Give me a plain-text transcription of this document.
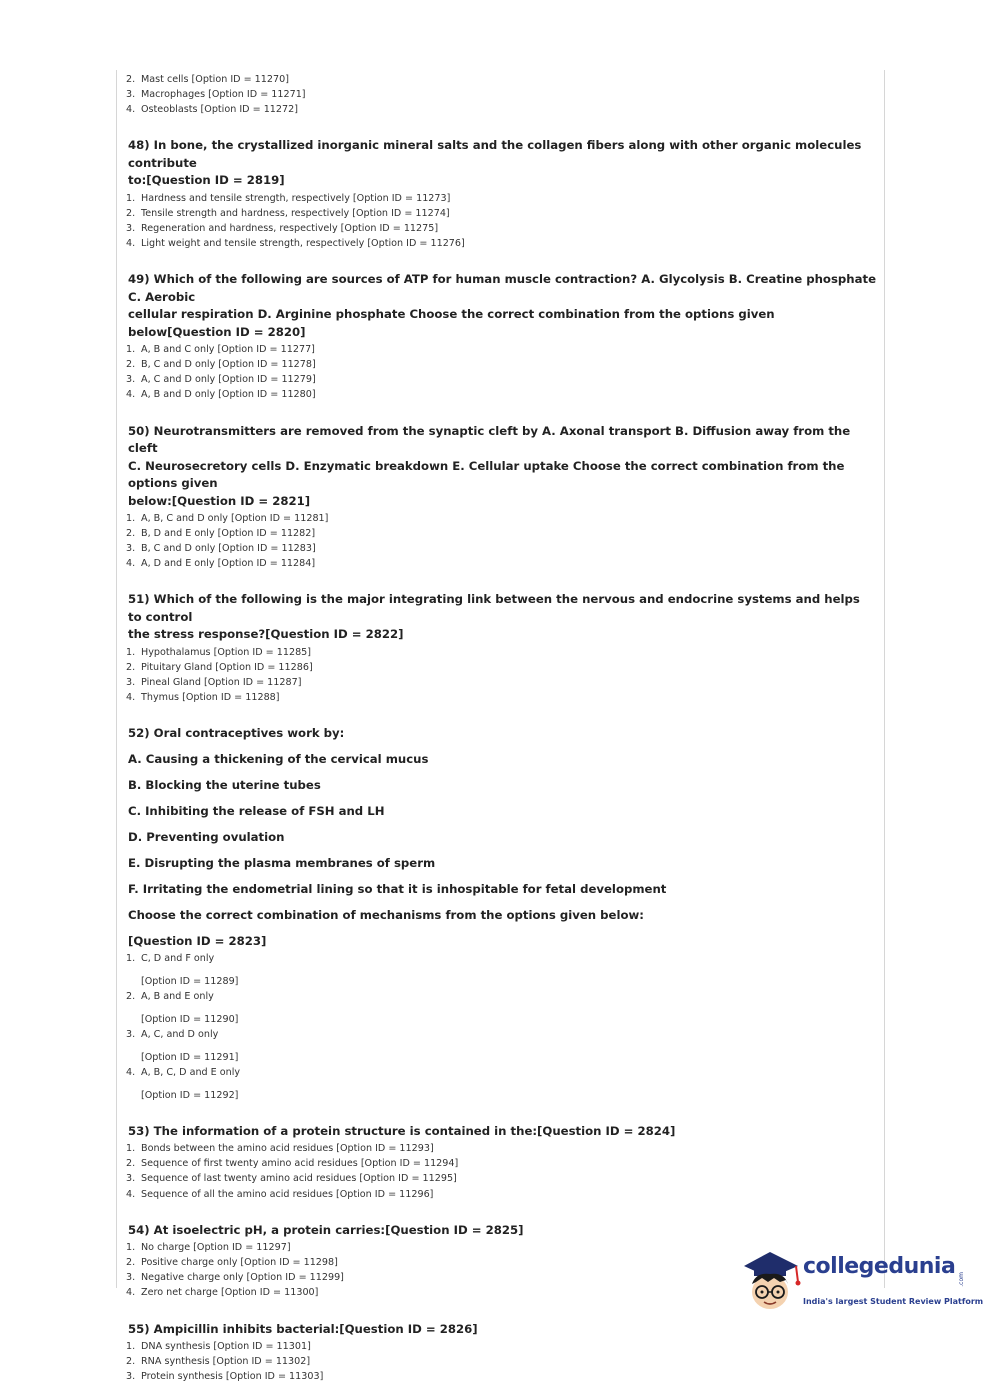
2. Mast cells [Option ID = 11270]
3. Macrophages [Option ID = 11271]
4. Osteoblasts [Option ID = 11272]
48) In bone, the crystallized inorganic mineral salts and the collagen fibers along with other organic molecules contribute
to:[Question ID = 2819]
1. Hardness and tensile strength, respectively [Option ID = 11273]
2. Tensile strength and hardness, respectively [Option ID = 11274]
3. Regeneration and hardness, respectively [Option ID = 11275]
4. Light weight and tensile strength, respectively [Option ID = 11276]
49) Which of the following are sources of ATP for human muscle contraction? A. Glycolysis B. Creatine phosphate C. Aerobic
cellular respiration D. Arginine phosphate Choose the correct combination from the options given below[Question ID = 2820]
1. A, B and C only [Option ID = 11277]
2. B, C and D only [Option ID = 11278]
3. A, C and D only [Option ID = 11279]
4. A, B and D only [Option ID = 11280]
50) Neurotransmitters are removed from the synaptic cleft by A. Axonal transport B. Diffusion away from the cleft
C. Neurosecretory cells D. Enzymatic breakdown E. Cellular uptake Choose the correct combination from the options given
below:[Question ID = 2821]
1. A, B, C and D only [Option ID = 11281]
2. B, D and E only [Option ID = 11282]
3. B, C and D only [Option ID = 11283]
4. A, D and E only [Option ID = 11284]
51) Which of the following is the major integrating link between the nervous and endocrine systems and helps to control
the stress response?[Question ID = 2822]
1. Hypothalamus [Option ID = 11285]
2. Pituitary Gland [Option ID = 11286]
3. Pineal Gland [Option ID = 11287]
4. Thymus [Option ID = 11288]
52) Oral contraceptives work by:
A. Causing a thickening of the cervical mucus
B. Blocking the uterine tubes
C. Inhibiting the release of FSH and LH
D. Preventing ovulation
E. Disrupting the plasma membranes of sperm
F. Irritating the endometrial lining so that it is inhospitable for fetal development
Choose the correct combination of mechanisms from the options given below:
[Question ID = 2823]
1. C, D and F only
[Option ID = 11289]
2. A, B and E only
[Option ID = 11290]
3. A, C, and D only
[Option ID = 11291]
4. A, B, C, D and E only
[Option ID = 11292]
53) The information of a protein structure is contained in the:[Question ID = 2824]
1. Bonds between the amino acid residues [Option ID = 11293]
2. Sequence of first twenty amino acid residues [Option ID = 11294]
3. Sequence of last twenty amino acid residues [Option ID = 11295]
4. Sequence of all the amino acid residues [Option ID = 11296]
54) At isoelectric pH, a protein carries:[Question ID = 2825]
1. No charge [Option ID = 11297]
2. Positive charge only [Option ID = 11298]
3. Negative charge only [Option ID = 11299]
4. Zero net charge [Option ID = 11300]
55) Ampicillin inhibits bacterial:[Question ID = 2826]
1. DNA synthesis [Option ID = 11301]
2. RNA synthesis [Option ID = 11302]
3. Protein synthesis [Option ID = 11303]
collegedunia
.com
India's largest Student Review Platform
